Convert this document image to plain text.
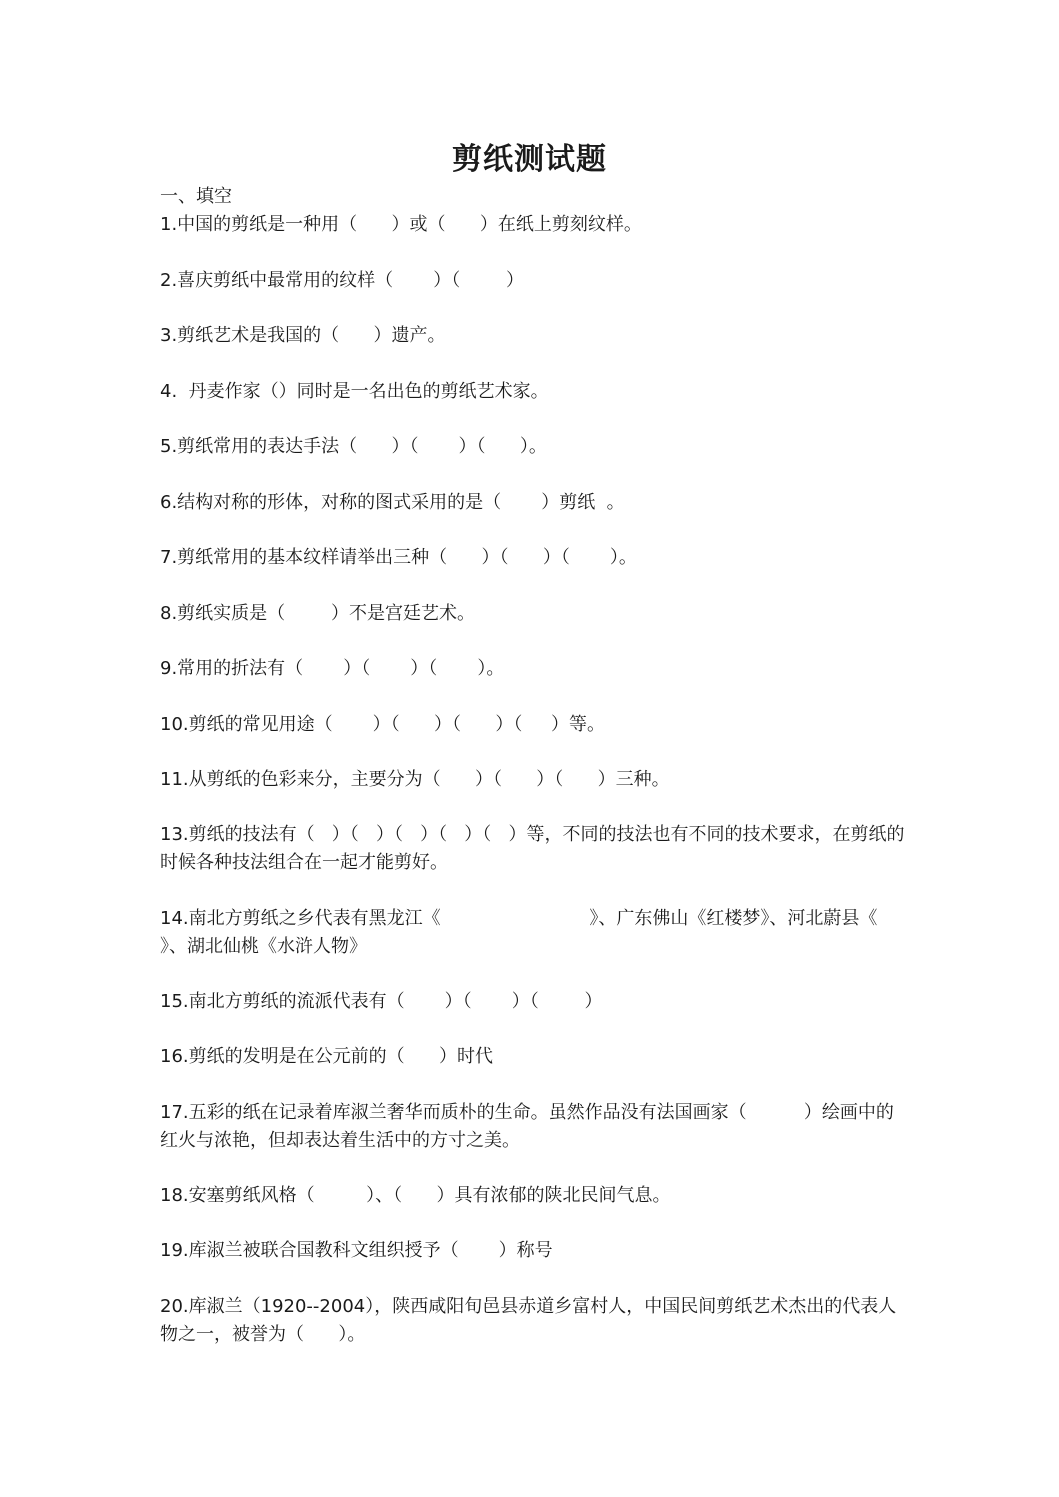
剪纸测试题
一、填空
1.中国的剪纸是一种用（      ）或（      ）在纸上剪刻纹样。
2.喜庆剪纸中最常用的纹样（       ）（        ）
3.剪纸艺术是我国的（      ）遗产。
4.  丹麦作家（）同时是一名出色的剪纸艺术家。
5.剪纸常用的表达手法（      ）（       ）（      ）。
6.结构对称的形体，对称的图式采用的是（       ）剪纸  。
7.剪纸常用的基本纹样请举出三种（      ）（      ）（       ）。
8.剪纸实质是（        ）不是宫廷艺术。
9.常用的折法有（       ）（       ）（       ）。
10.剪纸的常见用途（       ）（      ）（      ）（     ）等。
11.从剪纸的色彩来分，主要分为（      ）（      ）（      ）三种。
13.剪纸的技法有（   ）（   ）（   ）（   ）（   ）等，不同的技法也有不同的技术要求，在剪纸的时候各种技法组合在一起才能剪好。
14.南北方剪纸之乡代表有黑龙江《                          》、广东佛山《红楼梦》、河北蔚县《          》、湖北仙桃《水浒人物》
15.南北方剪纸的流派代表有（       ）（       ）（        ）
16.剪纸的发明是在公元前的（      ）时代
17.五彩的纸在记录着库淑兰奢华而质朴的生命。虽然作品没有法国画家（          ）绘画中的红火与浓艳，但却表达着生活中的方寸之美。
18.安塞剪纸风格（         ）、（      ）具有浓郁的陕北民间气息。
19.库淑兰被联合国教科文组织授予（       ）称号
20.库淑兰（1920--2004），陕西咸阳旬邑县赤道乡富村人，中国民间剪纸艺术杰出的代表人物之一，被誉为（      ）。
